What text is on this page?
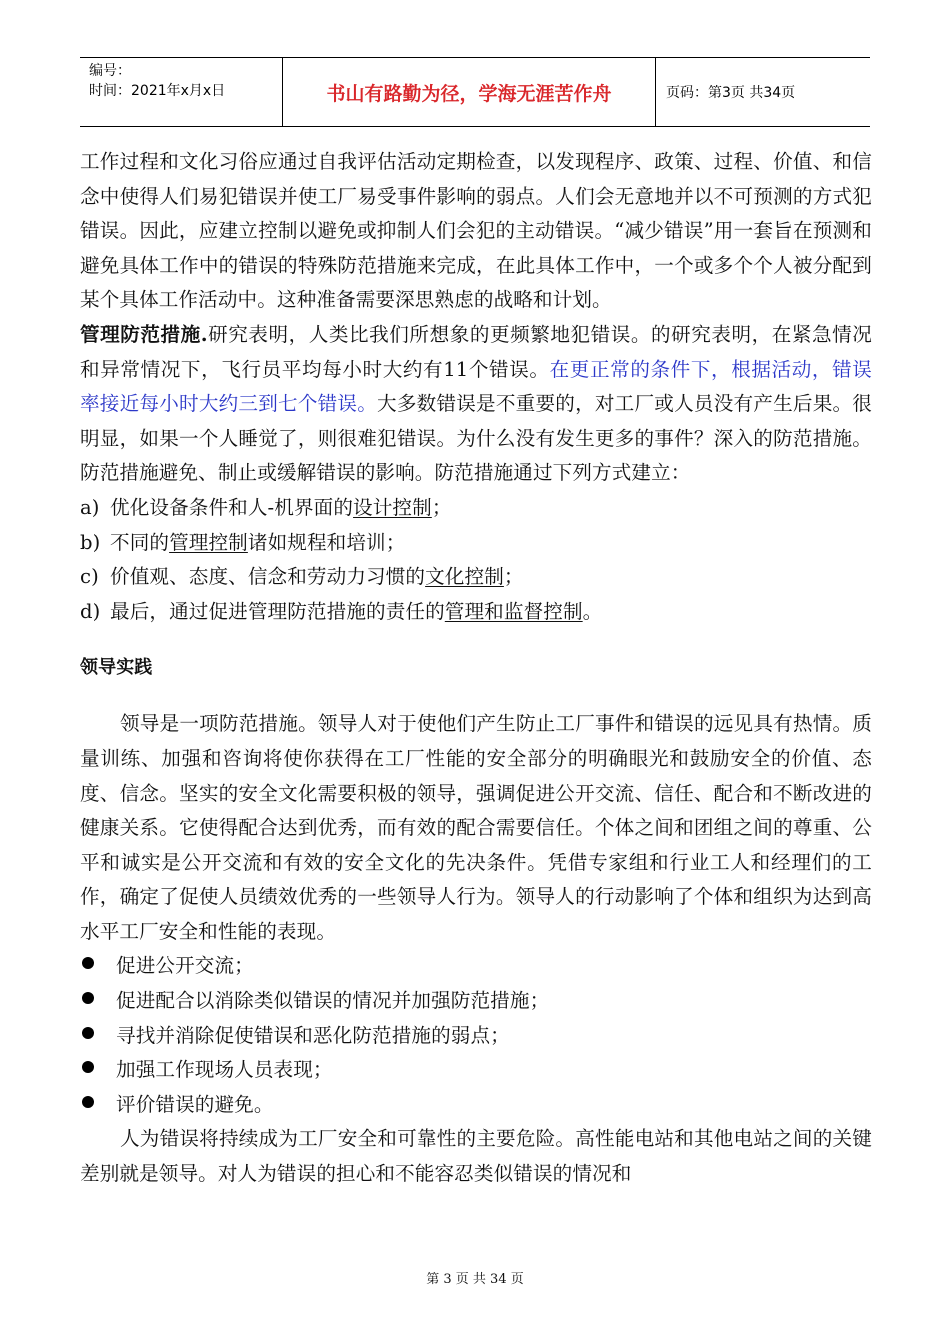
编号：
时间：2021年x月x日	书山有路勤为径，学海无涯苦作舟	页码：第3页 共34页

工作过程和文化习俗应通过自我评估活动定期检查，以发现程序、政策、过程、价值、和信念中使得人们易犯错误并使工厂易受事件影响的弱点。人们会无意地并以不可预测的方式犯错误。因此，应建立控制以避免或抑制人们会犯的主动错误。“减少错误”用一套旨在预测和避免具体工作中的错误的特殊防范措施来完成，在此具体工作中，一个或多个个人被分配到某个具体工作活动中。这种准备需要深思熟虑的战略和计划。

管理防范措施.研究表明，人类比我们所想象的更频繁地犯错误。的研究表明，在紧急情况和异常情况下，飞行员平均每小时大约有11个错误。在更正常的条件下，根据活动，错误率接近每小时大约三到七个错误。大多数错误是不重要的，对工厂或人员没有产生后果。很明显，如果一个人睡觉了，则很难犯错误。为什么没有发生更多的事件？深入的防范措施。防范措施避免、制止或缓解错误的影响。防范措施通过下列方式建立：

a) 优化设备条件和人-机界面的设计控制；
b) 不同的管理控制诸如规程和培训；
c) 价值观、态度、信念和劳动力习惯的文化控制；
d) 最后，通过促进管理防范措施的责任的管理和监督控制。

领导实践

领导是一项防范措施。领导人对于使他们产生防止工厂事件和错误的远见具有热情。质量训练、加强和咨询将使你获得在工厂性能的安全部分的明确眼光和鼓励安全的价值、态度、信念。坚实的安全文化需要积极的领导，强调促进公开交流、信任、配合和不断改进的健康关系。它使得配合达到优秀，而有效的配合需要信任。个体之间和团组之间的尊重、公平和诚实是公开交流和有效的安全文化的先决条件。凭借专家组和行业工人和经理们的工作，确定了促使人员绩效优秀的一些领导人行为。领导人的行动影响了个体和组织为达到高水平工厂安全和性能的表现。

促进公开交流；
促进配合以消除类似错误的情况并加强防范措施；
寻找并消除促使错误和恶化防范措施的弱点；
加强工作现场人员表现；
评价错误的避免。

人为错误将持续成为工厂安全和可靠性的主要危险。高性能电站和其他电站之间的关键差别就是领导。对人为错误的担心和不能容忍类似错误的情况和

第 3 页 共 34 页
